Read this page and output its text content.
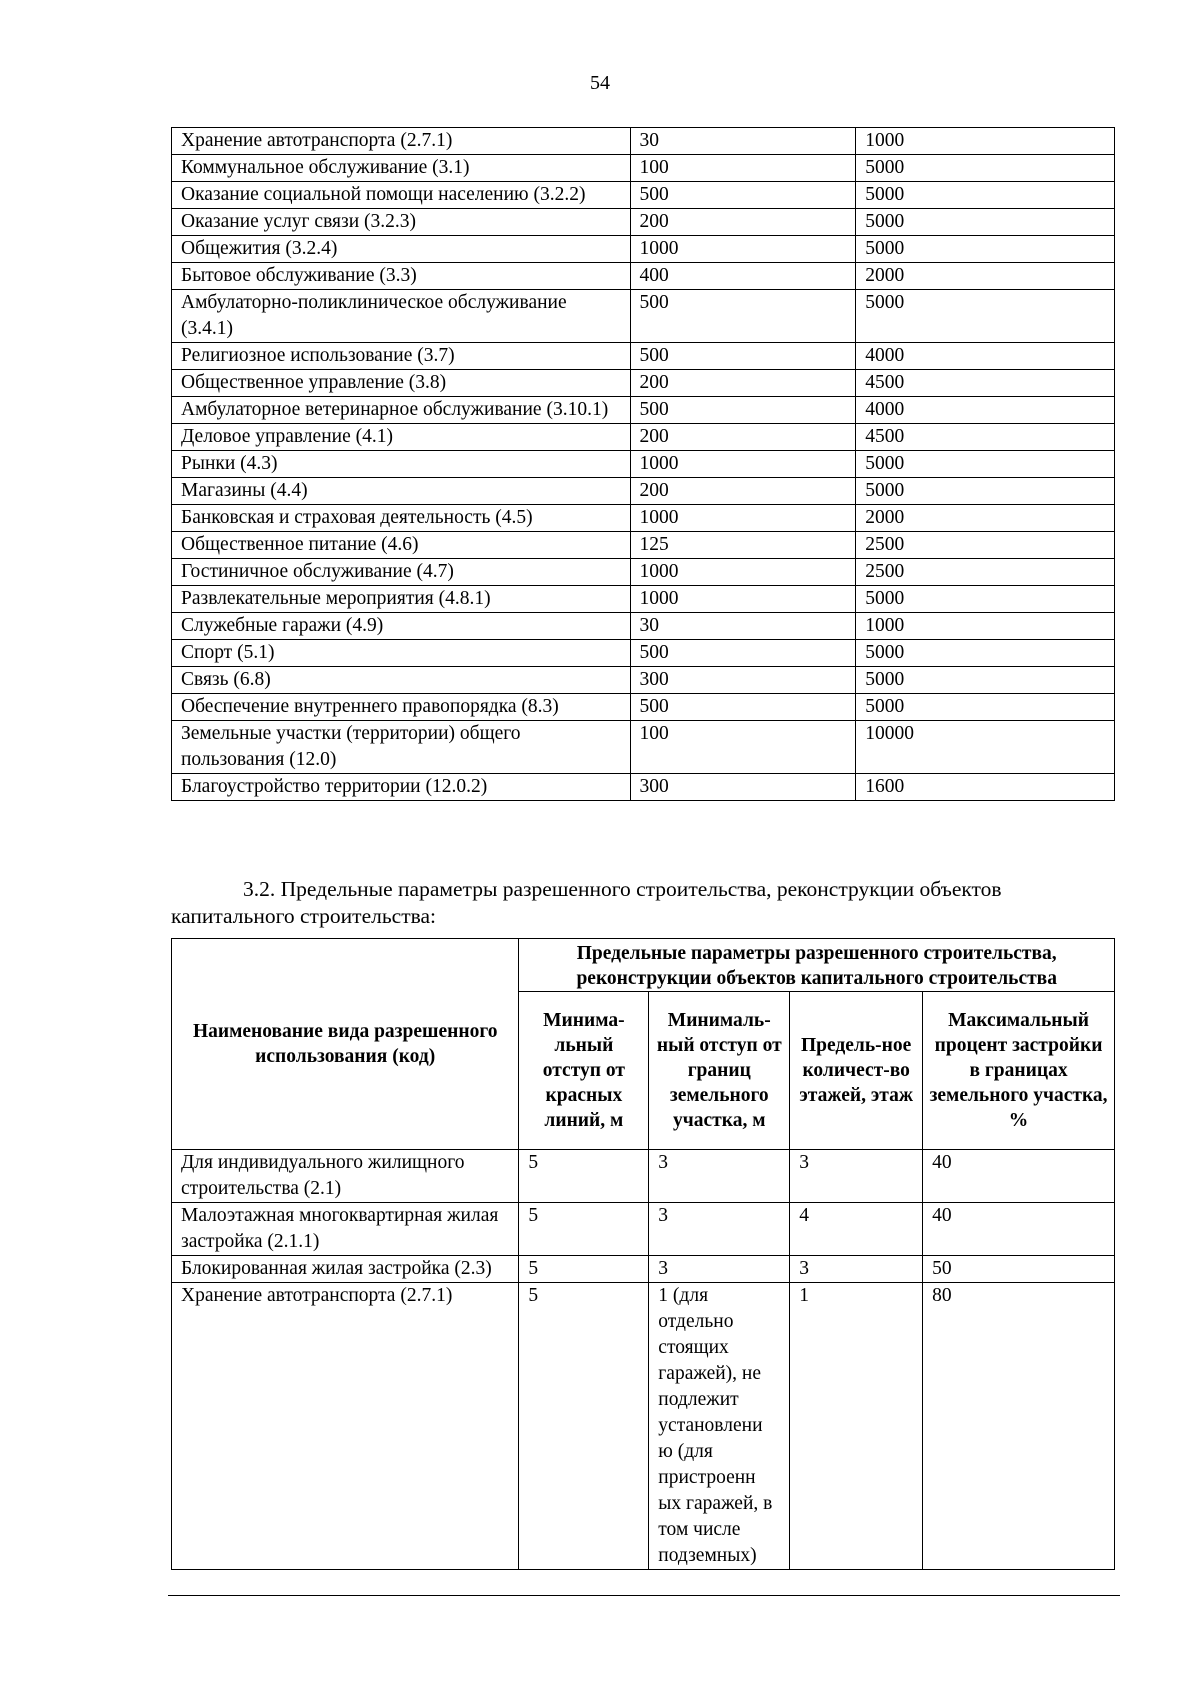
54
Хранение автотранспорта (2.7.1)	30	1000
Коммунальное обслуживание (3.1)	100	5000
Оказание социальной помощи населению (3.2.2)	500	5000
Оказание услуг связи (3.2.3)	200	5000
Общежития (3.2.4)	1000	5000
Бытовое обслуживание (3.3)	400	2000
Амбулаторно-поликлиническое обслуживание (3.4.1)	500	5000
Религиозное использование (3.7)	500	4000
Общественное управление (3.8)	200	4500
Амбулаторное ветеринарное обслуживание (3.10.1)	500	4000
Деловое управление (4.1)	200	4500
Рынки (4.3)	1000	5000
Магазины (4.4)	200	5000
Банковская и страховая деятельность (4.5)	1000	2000
Общественное питание (4.6)	125	2500
Гостиничное обслуживание (4.7)	1000	2500
Развлекательные мероприятия (4.8.1)	1000	5000
Служебные гаражи (4.9)	30	1000
Спорт (5.1)	500	5000
Связь (6.8)	300	5000
Обеспечение внутреннего правопорядка (8.3)	500	5000
Земельные участки (территории) общего пользования (12.0)	100	10000
Благоустройство территории (12.0.2)	300	1600
3.2. Предельные параметры разрешенного строительства, реконструкции объектов капитального строительства:
Наименование вида разрешенного использования (код)	Предельные параметры разрешенного строительства, реконструкции объектов капитального строительства			
	Минима-льный отступ от красных линий, м	Минималь-ный отступ от границ земельного участка, м	Предель-ное количест-во этажей, этаж	Максимальный процент застройки в границах земельного участка, %
Для индивидуального жилищного строительства (2.1)	5	3	3	40
Малоэтажная многоквартирная жилая застройка (2.1.1)	5	3	4	40
Блокированная жилая застройка (2.3)	5	3	3	50
Хранение автотранспорта (2.7.1)	5	1 (для отдельно стоящих гаражей), не подлежит установлени ю (для пристроенн ых гаражей, в том числе подземных)	1	80
